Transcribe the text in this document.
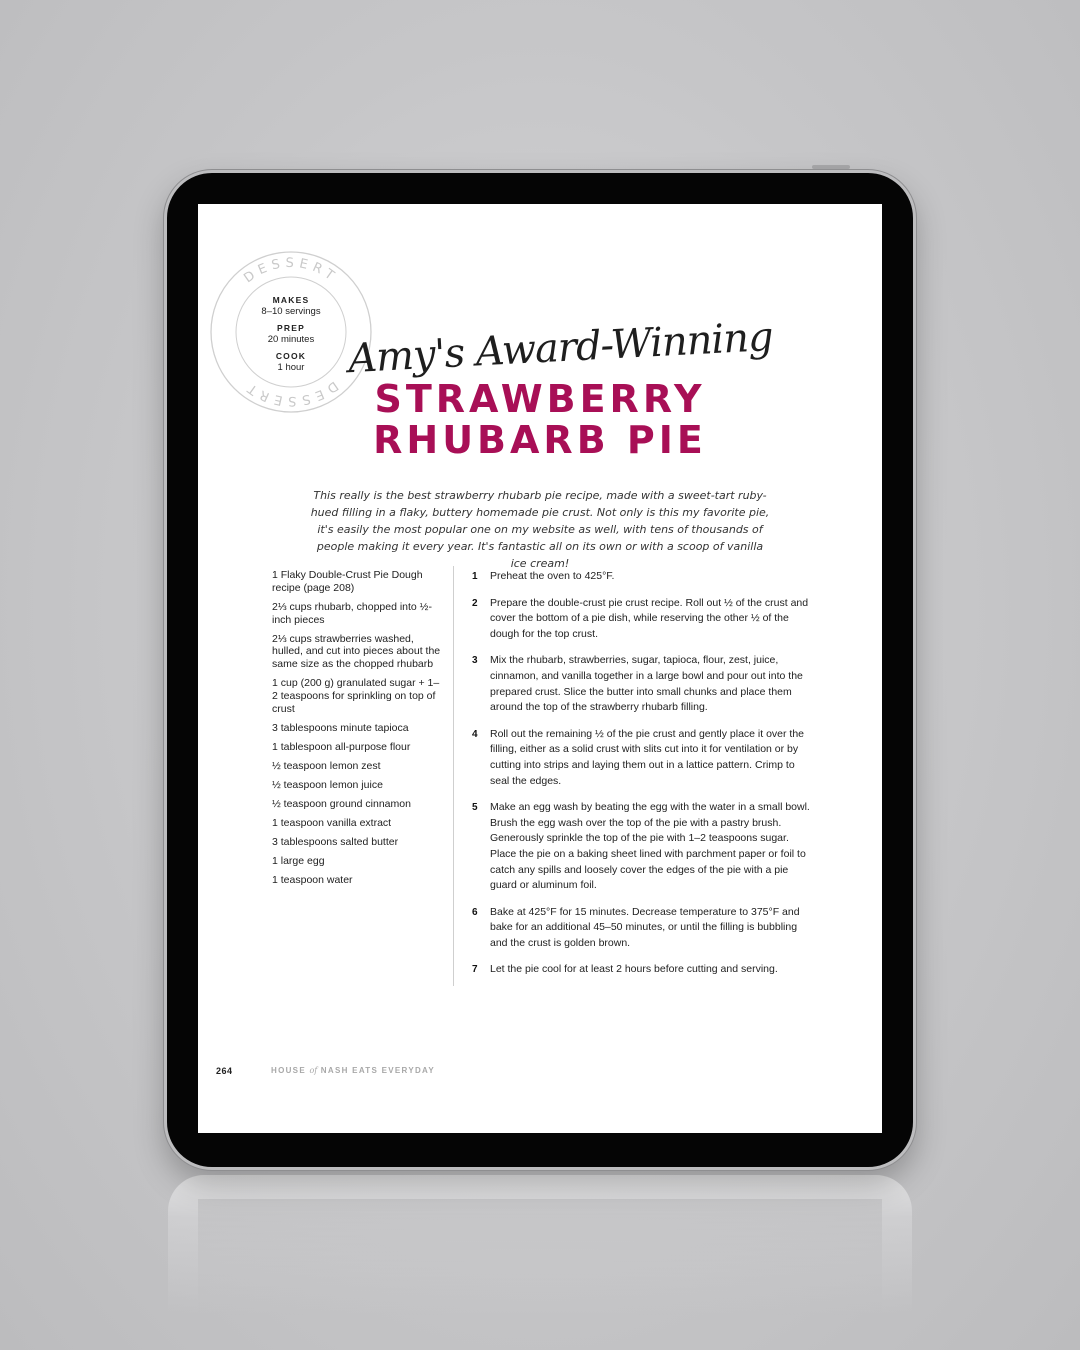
DESSERT
DESSERT
MAKES
8–10 servings
PREP
20 minutes
COOK
1 hour	Amy's Award-Winning
STRAWBERRY
RHUBARB PIE

This really is the best strawberry rhubarb pie recipe, made with a sweet-tart ruby-hued filling in a flaky, buttery homemade pie crust. Not only is this my favorite pie, it's easily the most popular one on my website as well, with tens of thousands of people making it every year. It's fantastic all on its own or with a scoop of vanilla ice cream!

1 Flaky Double-Crust Pie Dough recipe (page 208)
2⅓ cups rhubarb, chopped into ½-inch pieces
2⅓ cups strawberries washed, hulled, and cut into pieces about the same size as the chopped rhubarb
1 cup (200 g) granulated sugar + 1–2 teaspoons for sprinkling on top of crust
3 tablespoons minute tapioca
1 tablespoon all-purpose flour
½ teaspoon lemon zest
½ teaspoon lemon juice
½ teaspoon ground cinnamon
1 teaspoon vanilla extract
3 tablespoons salted butter
1 large egg
1 teaspoon water
1 Preheat the oven to 425°F.
2 Prepare the double-crust pie crust recipe. Roll out ½ of the crust and cover the bottom of a pie dish, while reserving the other ½ of the dough for the top crust.
3 Mix the rhubarb, strawberries, sugar, tapioca, flour, zest, juice, cinnamon, and vanilla together in a large bowl and pour out into the prepared crust. Slice the butter into small chunks and place them around the top of the strawberry rhubarb filling.
4 Roll out the remaining ½ of the pie crust and gently place it over the filling, either as a solid crust with slits cut into it for ventilation or by cutting into strips and laying them out in a lattice pattern. Crimp to seal the edges.
5 Make an egg wash by beating the egg with the water in a small bowl. Brush the egg wash over the top of the pie with a pastry brush. Generously sprinkle the top of the pie with 1–2 teaspoons sugar. Place the pie on a baking sheet lined with parchment paper or foil to catch any spills and loosely cover the edges of the pie with a pie guard or aluminum foil.
6 Bake at 425°F for 15 minutes. Decrease temperature to 375°F and bake for an additional 45–50 minutes, or until the filling is bubbling and the crust is golden brown.
7 Let the pie cool for at least 2 hours before cutting and serving.
264	HOUSE of NASH EATS EVERYDAY
